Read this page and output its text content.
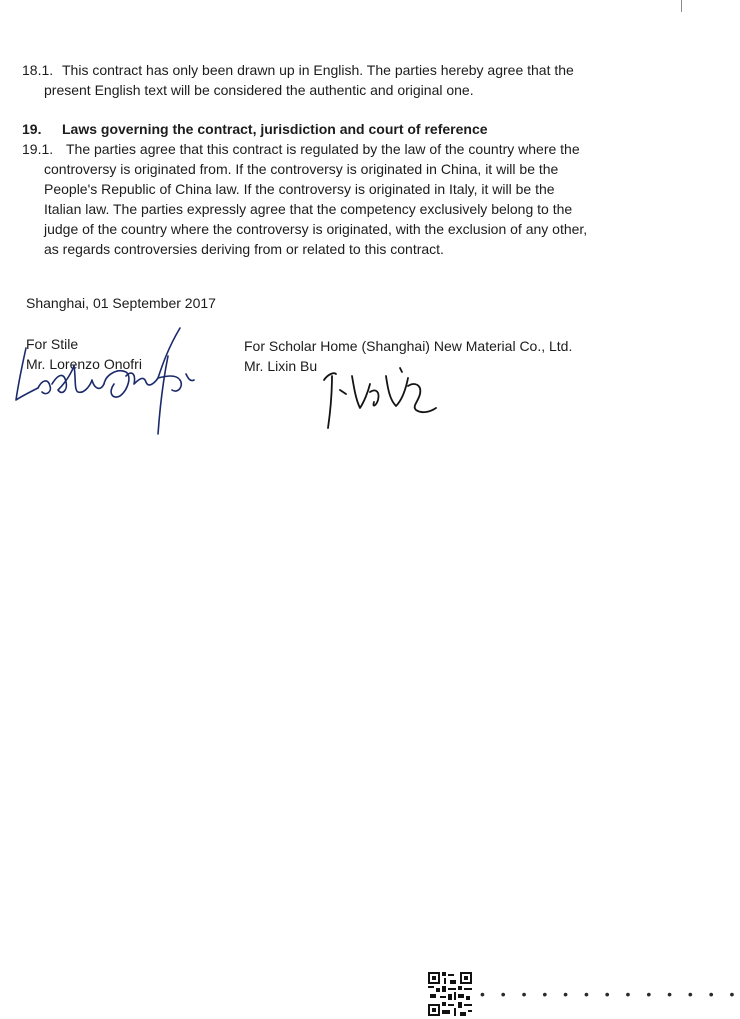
18.1. This contract has only been drawn up in English. The parties hereby agree that the
present English text will be considered the authentic and original one.
19. Laws governing the contract, jurisdiction and court of reference
19.1. The parties agree that this contract is regulated by the law of the country where the
controversy is originated from. If the controversy is originated in China, it will be the
People's Republic of China law. If the controversy is originated in Italy, it will be the
Italian law. The parties expressly agree that the competency exclusively belong to the
judge of the country where the controversy is originated, with the exclusion of any other,
as regards controversies deriving from or related to this contract.
Shanghai, 01 September 2017
For Stile
Mr. Lorenzo Onofri
For Scholar Home (Shanghai) New Material Co., Ltd.
Mr. Lixin Bu
• • • • • • • • • • • • •
